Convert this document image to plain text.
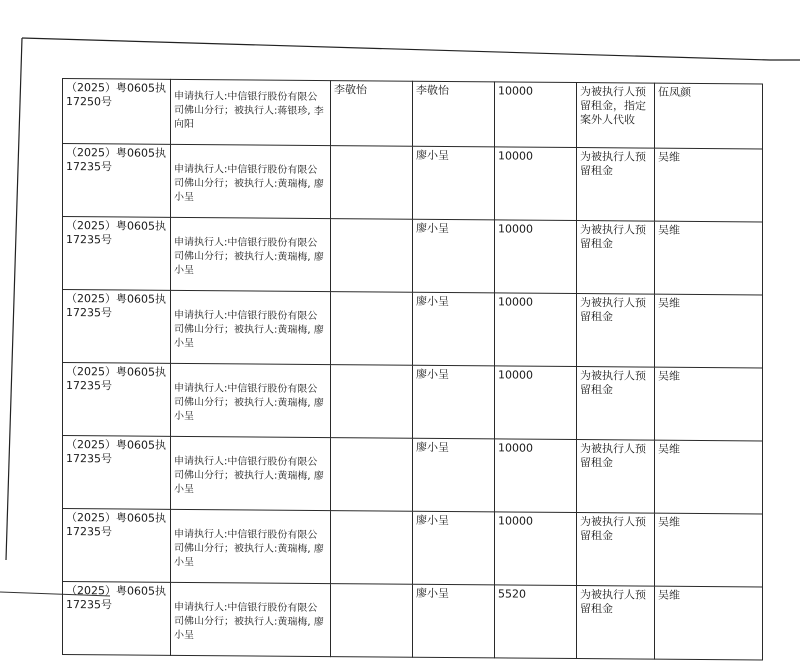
（2025）粤0605执17250号	申请执行人:中信银行股份有限公司佛山分行；被执行人:蒋银珍, 李向阳	李敬怡	李敬怡	10000	为被执行人预留租金，指定案外人代收	伍凤颜
（2025）粤0605执17235号	申请执行人:中信银行股份有限公司佛山分行；被执行人:黄瑞梅, 廖小呈		廖小呈	10000	为被执行人预留租金	吴维
（2025）粤0605执17235号	申请执行人:中信银行股份有限公司佛山分行；被执行人:黄瑞梅, 廖小呈		廖小呈	10000	为被执行人预留租金	吴维
（2025）粤0605执17235号	申请执行人:中信银行股份有限公司佛山分行；被执行人:黄瑞梅, 廖小呈		廖小呈	10000	为被执行人预留租金	吴维
（2025）粤0605执17235号	申请执行人:中信银行股份有限公司佛山分行；被执行人:黄瑞梅, 廖小呈		廖小呈	10000	为被执行人预留租金	吴维
（2025）粤0605执17235号	申请执行人:中信银行股份有限公司佛山分行；被执行人:黄瑞梅, 廖小呈		廖小呈	10000	为被执行人预留租金	吴维
（2025）粤0605执17235号	申请执行人:中信银行股份有限公司佛山分行；被执行人:黄瑞梅, 廖小呈		廖小呈	10000	为被执行人预留租金	吴维
（2025）粤0605执17235号	申请执行人:中信银行股份有限公司佛山分行；被执行人:黄瑞梅, 廖小呈		廖小呈	5520	为被执行人预留租金	吴维
